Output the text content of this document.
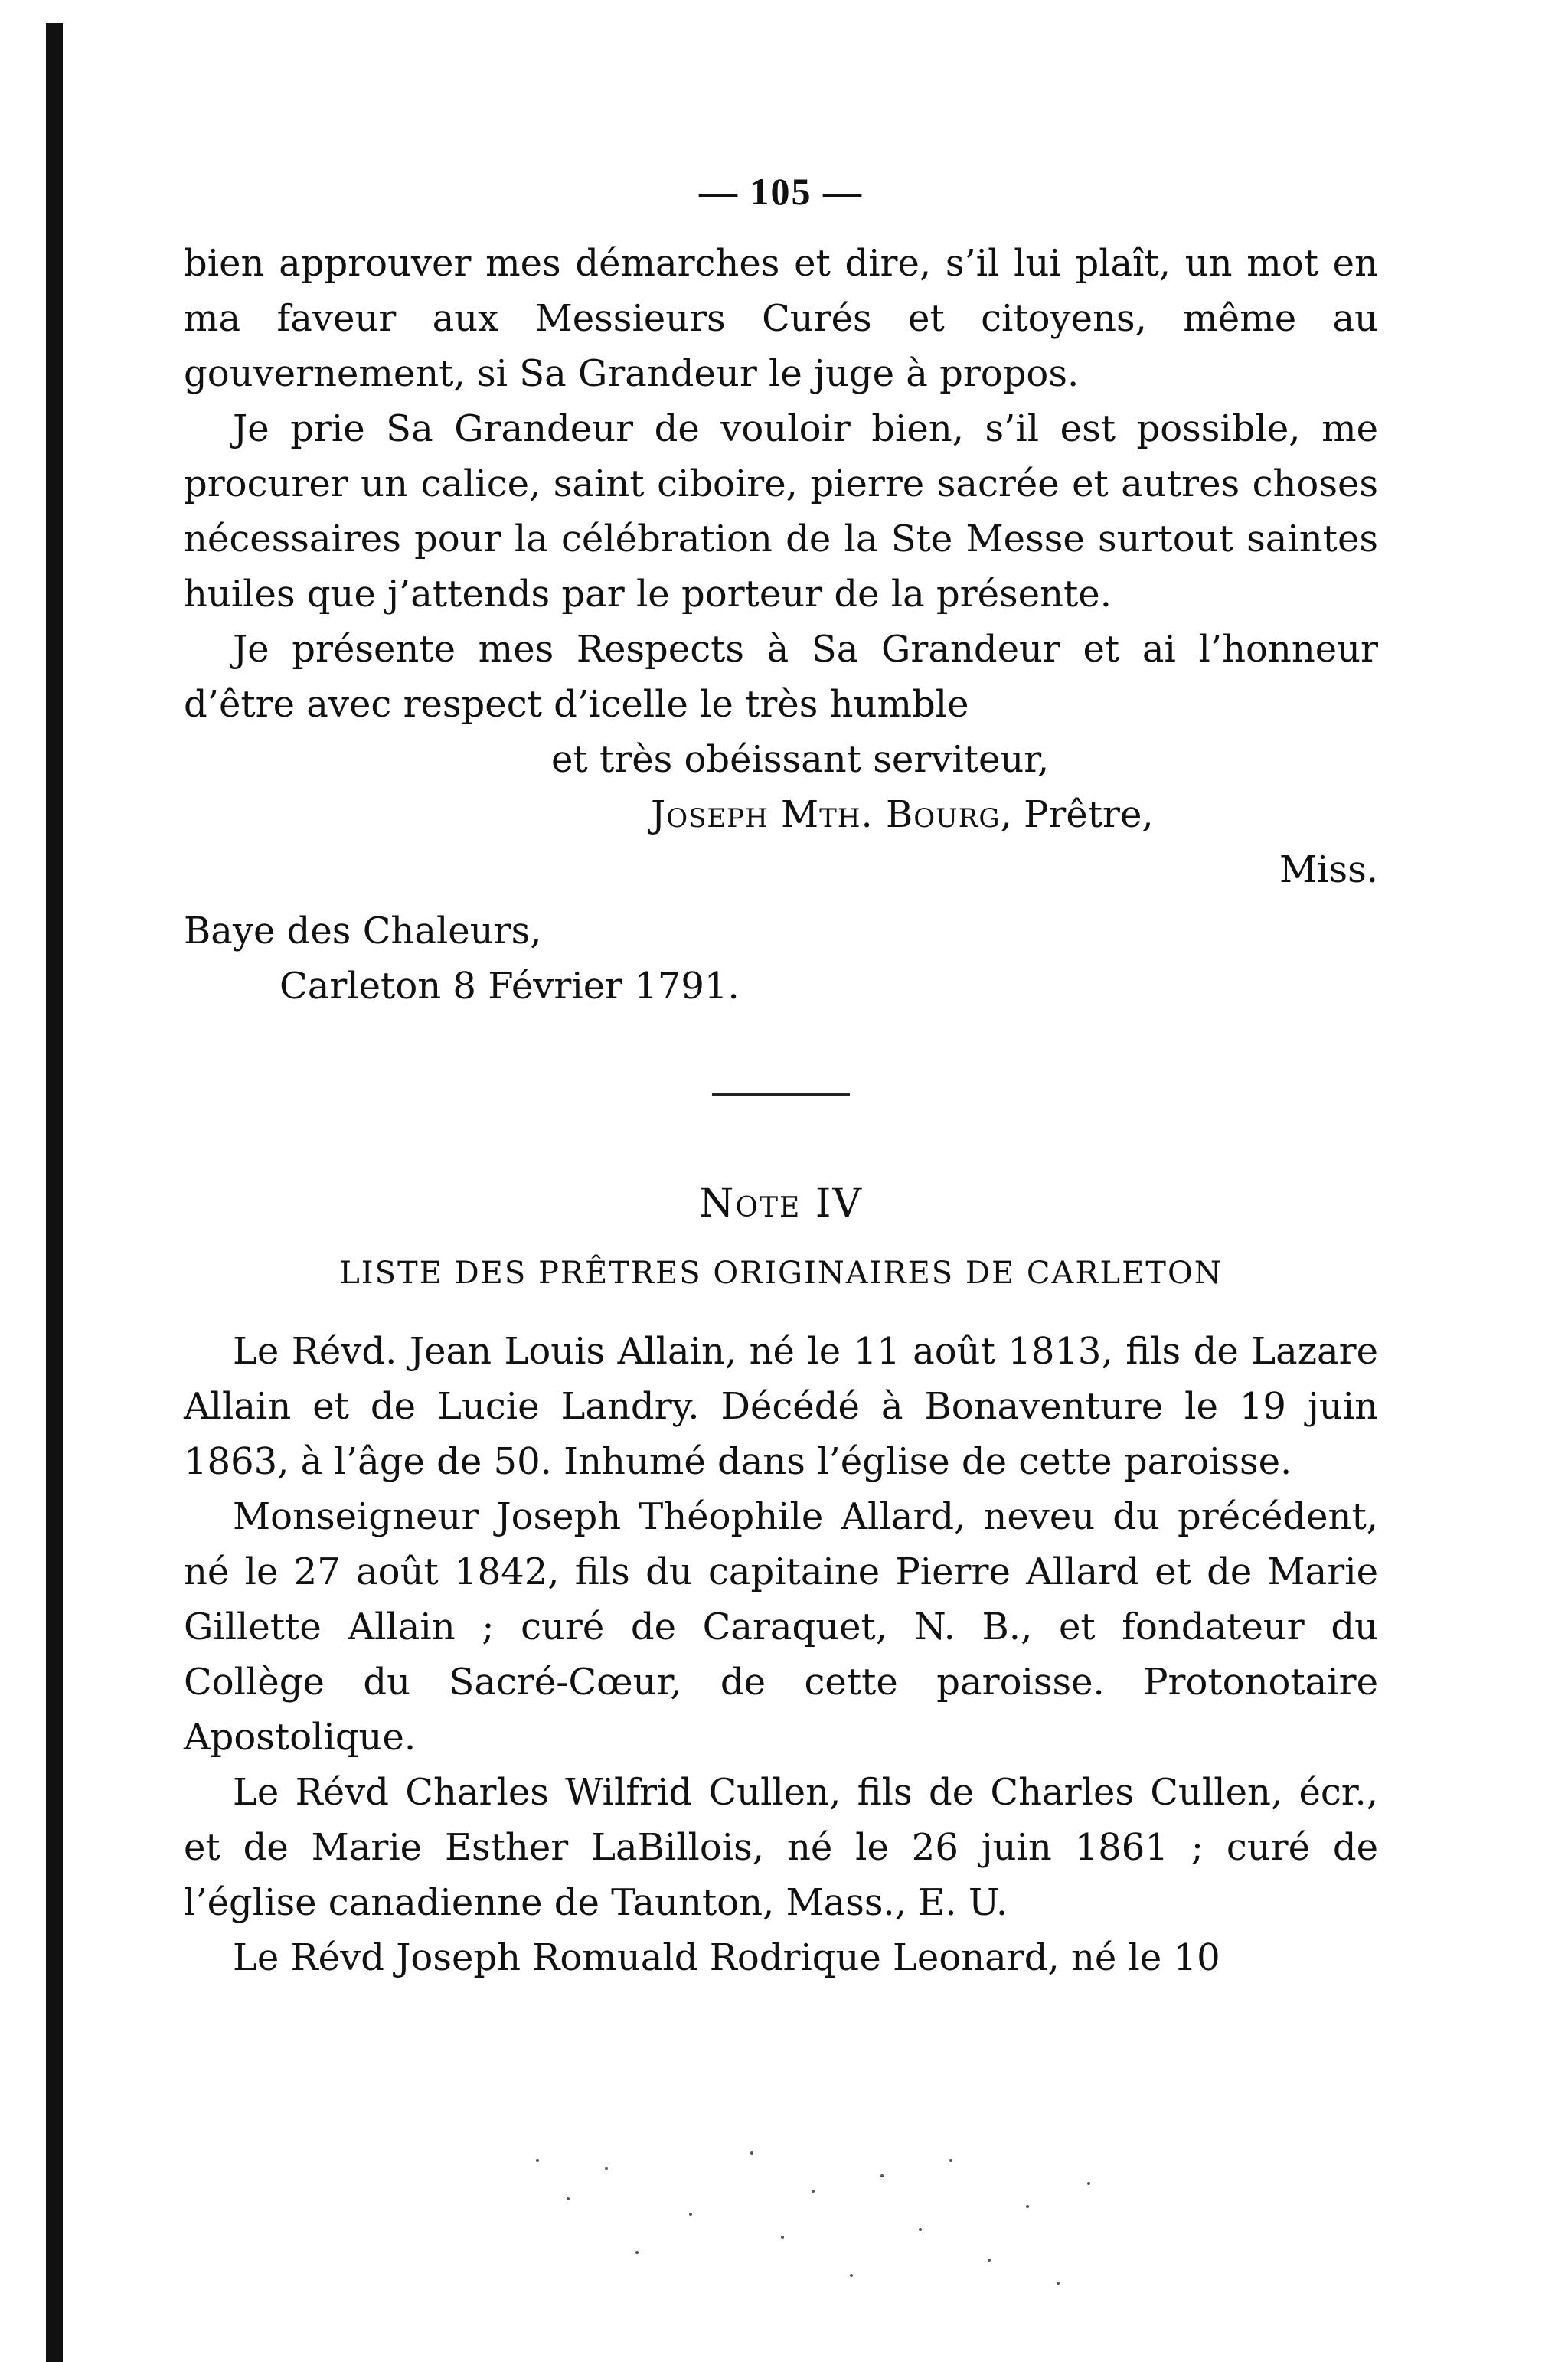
— 105 —

bien approuver mes démarches et dire, s’il lui plaît, un mot en ma faveur aux Messieurs Curés et citoyens, même au gouvernement, si Sa Grandeur le juge à propos.

Je prie Sa Grandeur de vouloir bien, s’il est possible, me procurer un calice, saint ciboire, pierre sacrée et autres choses nécessaires pour la célébration de la Ste Messe surtout saintes huiles que j’attends par le porteur de la présente.

Je présente mes Respects à Sa Grandeur et ai l’honneur d’être avec respect d’icelle le très humble

et très obéissant serviteur,
Joseph Mth. Bourg, Prêtre,
Miss.
Baye des Chaleurs,
Carleton 8 Février 1791.
Note IV
LISTE DES PRÊTRES ORIGINAIRES DE CARLETON

Le Révd. Jean Louis Allain, né le 11 août 1813, fils de Lazare Allain et de Lucie Landry. Décédé à Bonaventure le 19 juin 1863, à l’âge de 50. Inhumé dans l’église de cette paroisse.

Monseigneur Joseph Théophile Allard, neveu du précédent, né le 27 août 1842, fils du capitaine Pierre Allard et de Marie Gillette Allain ; curé de Caraquet, N. B., et fondateur du Collège du Sacré-Cœur, de cette paroisse. Protonotaire Apostolique.

Le Révd Charles Wilfrid Cullen, fils de Charles Cullen, écr., et de Marie Esther LaBillois, né le 26 juin 1861 ; curé de l’église canadienne de Taunton, Mass., E. U.

Le Révd Joseph Romuald Rodrique Leonard, né le 10
